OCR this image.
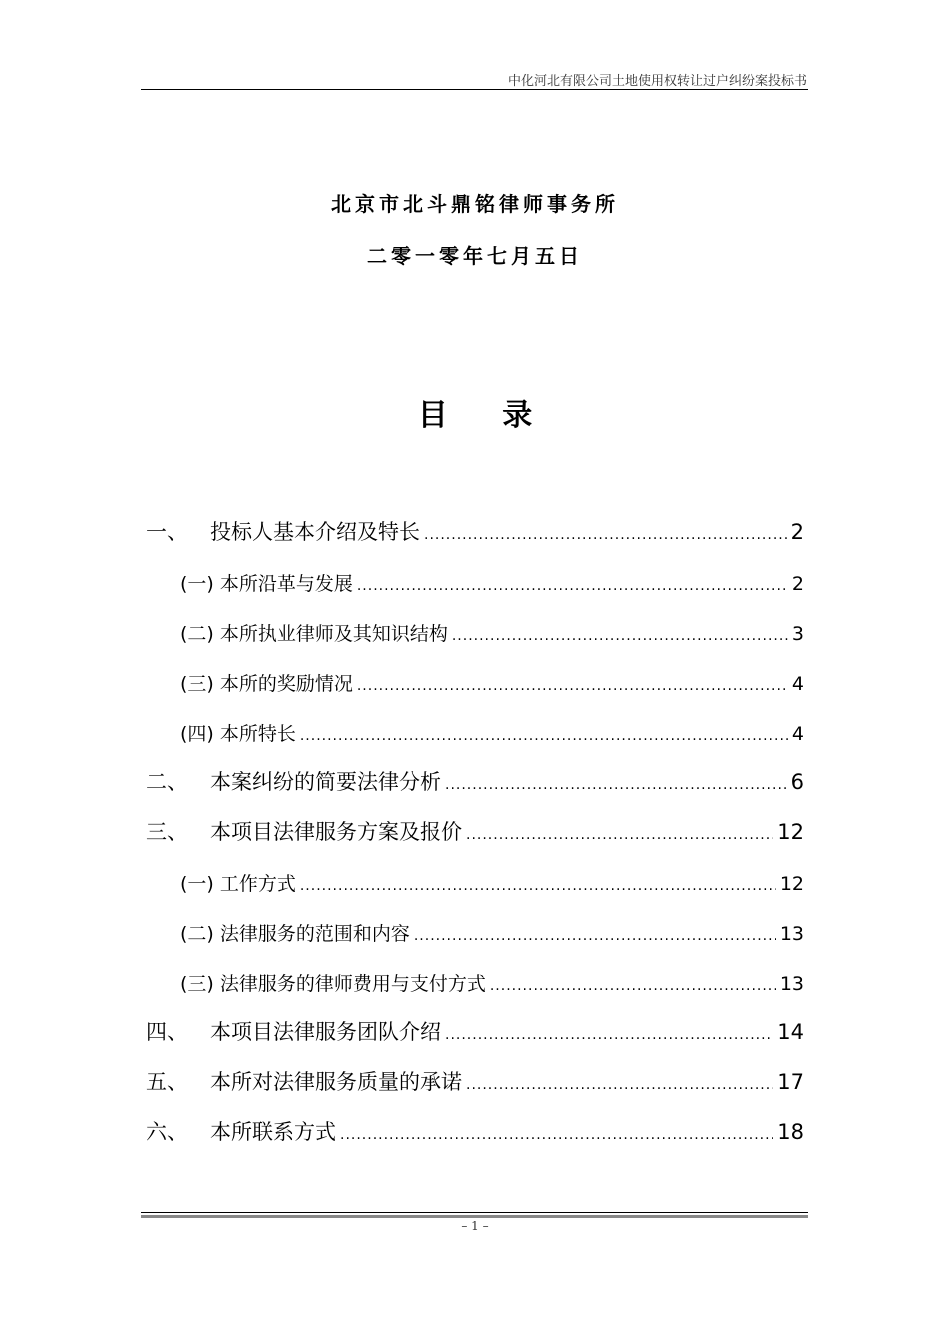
中化河北有限公司土地使用权转让过户纠纷案投标书
北京市北斗鼎铭律师事务所
二零一零年七月五日
目 录
一、	投标人基本介绍及特长 .....	2
(一) 本所沿革与发展 .....	2
(二) 本所执业律师及其知识结构 .....	3
(三) 本所的奖励情况 .....	4
(四) 本所特长 .....	4
二、	本案纠纷的简要法律分析 .....	6
三、	本项目法律服务方案及报价 .....	12
(一) 工作方式 .....	12
(二) 法律服务的范围和内容 .....	13
(三) 法律服务的律师费用与支付方式 .....	13
四、	本项目法律服务团队介绍 .....	14
五、	本所对法律服务质量的承诺 .....	17
六、	本所联系方式 .....	18
– 1 –
